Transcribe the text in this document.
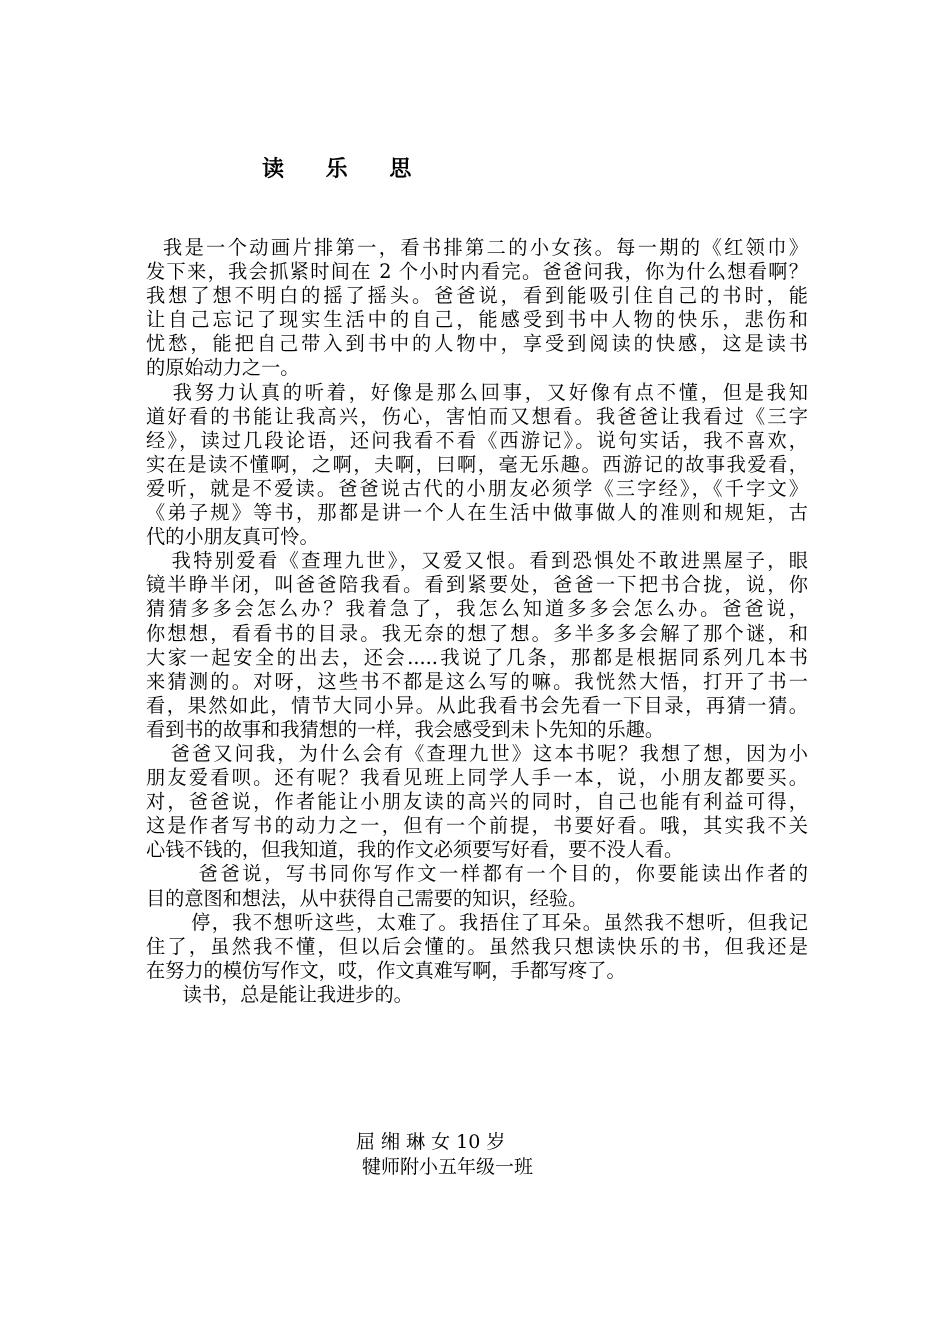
读 乐 思
我是一个动画片排第一，看书排第二的小女孩。每一期的《红领巾》
发下来，我会抓紧时间在 2 个小时内看完。爸爸问我，你为什么想看啊？
我想了想不明白的摇了摇头。爸爸说，看到能吸引住自己的书时，能
让自己忘记了现实生活中的自己，能感受到书中人物的快乐，悲伤和
忧愁，能把自己带入到书中的人物中，享受到阅读的快感，这是读书
的原始动力之一。
我努力认真的听着，好像是那么回事，又好像有点不懂，但是我知
道好看的书能让我高兴，伤心，害怕而又想看。我爸爸让我看过《三字
经》，读过几段论语，还问我看不看《西游记》。说句实话，我不喜欢，
实在是读不懂啊，之啊，夫啊，曰啊，毫无乐趣。西游记的故事我爱看，
爱听，就是不爱读。爸爸说古代的小朋友必须学《三字经》，《千字文》
《弟子规》等书，那都是讲一个人在生活中做事做人的准则和规矩，古
代的小朋友真可怜。
我特别爱看《查理九世》，又爱又恨。看到恐惧处不敢进黑屋子，眼
镜半睁半闭，叫爸爸陪我看。看到紧要处，爸爸一下把书合拢，说，你
猜猜多多会怎么办？我着急了，我怎么知道多多会怎么办。爸爸说，
你想想，看看书的目录。我无奈的想了想。多半多多会解了那个谜，和
大家一起安全的出去，还会.....我说了几条，那都是根据同系列几本书
来猜测的。对呀，这些书不都是这么写的嘛。我恍然大悟，打开了书一
看，果然如此，情节大同小异。从此我看书会先看一下目录，再猜一猜。
看到书的故事和我猜想的一样，我会感受到未卜先知的乐趣。
爸爸又问我，为什么会有《查理九世》这本书呢？我想了想，因为小
朋友爱看呗。还有呢？我看见班上同学人手一本，说，小朋友都要买。
对，爸爸说，作者能让小朋友读的高兴的同时，自己也能有利益可得，
这是作者写书的动力之一，但有一个前提，书要好看。哦，其实我不关
心钱不钱的，但我知道，我的作文必须要写好看，要不没人看。
爸爸说，写书同你写作文一样都有一个目的，你要能读出作者的
目的意图和想法，从中获得自己需要的知识，经验。
停，我不想听这些，太难了。我捂住了耳朵。虽然我不想听，但我记
住了，虽然我不懂，但以后会懂的。虽然我只想读快乐的书，但我还是
在努力的模仿写作文，哎，作文真难写啊，手都写疼了。
读书，总是能让我进步的。
屈 缃 琳 女 10 岁
犍师附小五年级一班
